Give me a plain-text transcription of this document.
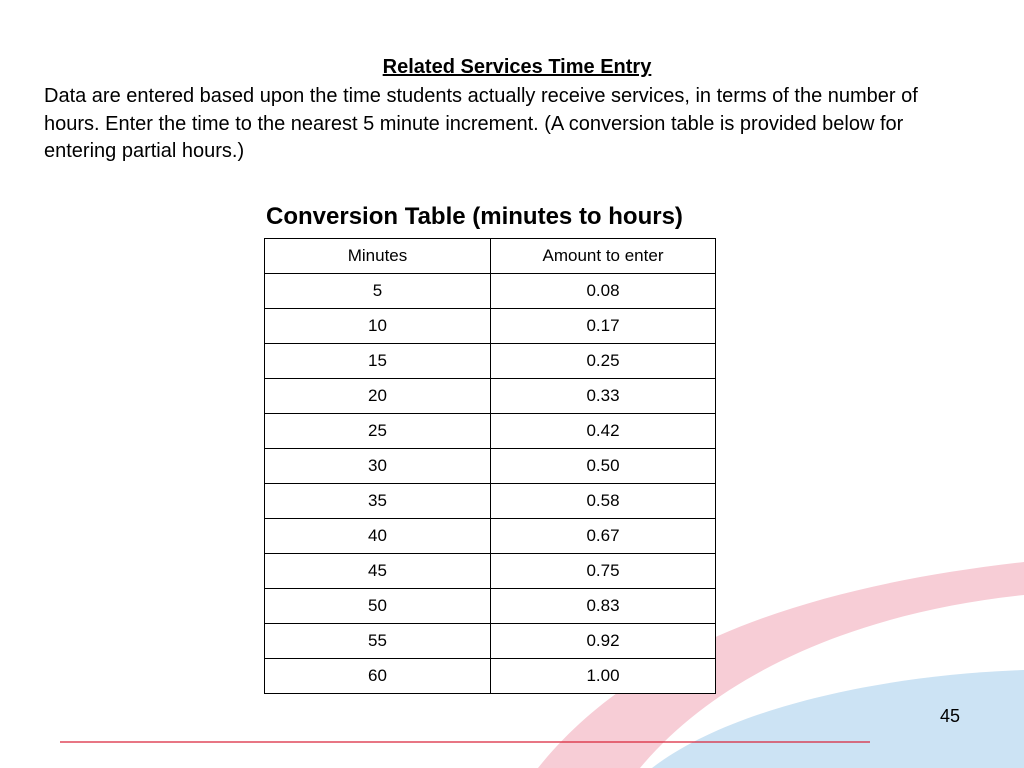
Related Services Time Entry
Data are entered based upon the time students actually receive services, in terms of the number of hours. Enter the time to the nearest 5 minute increment. (A conversion table is provided below for entering partial hours.)
Conversion Table (minutes to hours)
Minutes	Amount to enter
5	0.08
10	0.17
15	0.25
20	0.33
25	0.42
30	0.50
35	0.58
40	0.67
45	0.75
50	0.83
55	0.92
60	1.00
45
